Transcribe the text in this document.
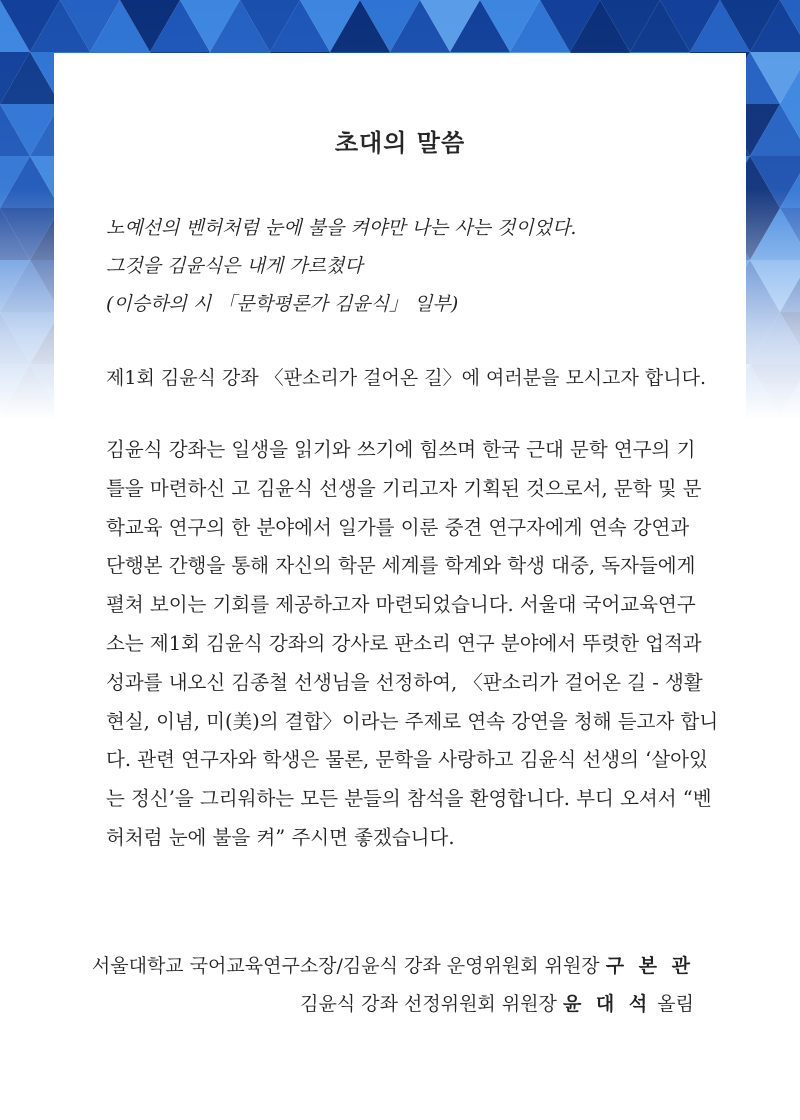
초대의 말씀
노예선의 벤허처럼 눈에 불을 켜야만 나는 사는 것이었다.
그것을 김윤식은 내게 가르쳤다
(이승하의 시 「문학평론가 김윤식」 일부)
제1회 김윤식 강좌 〈판소리가 걸어온 길〉에 여러분을 모시고자 합니다.
김윤식 강좌는 일생을 읽기와 쓰기에 힘쓰며 한국 근대 문학 연구의 기
틀을 마련하신 고 김윤식 선생을 기리고자 기획된 것으로서, 문학 및 문
학교육 연구의 한 분야에서 일가를 이룬 중견 연구자에게 연속 강연과
단행본 간행을 통해 자신의 학문 세계를 학계와 학생 대중, 독자들에게
펼쳐 보이는 기회를 제공하고자 마련되었습니다. 서울대 국어교육연구
소는 제1회 김윤식 강좌의 강사로 판소리 연구 분야에서 뚜렷한 업적과
성과를 내오신 김종철 선생님을 선정하여, 〈판소리가 걸어온 길 - 생활
현실, 이념, 미(美)의 결합〉이라는 주제로 연속 강연을 청해 듣고자 합니
다. 관련 연구자와 학생은 물론, 문학을 사랑하고 김윤식 선생의 ‘살아있
는 정신’을 그리워하는 모든 분들의 참석을 환영합니다. 부디 오셔서 “벤
허처럼 눈에 불을 켜” 주시면 좋겠습니다.
서울대학교 국어교육연구소장/김윤식 강좌 운영위원회 위원장 구 본 관
김윤식 강좌 선정위원회 위원장 윤 대 석 올림
